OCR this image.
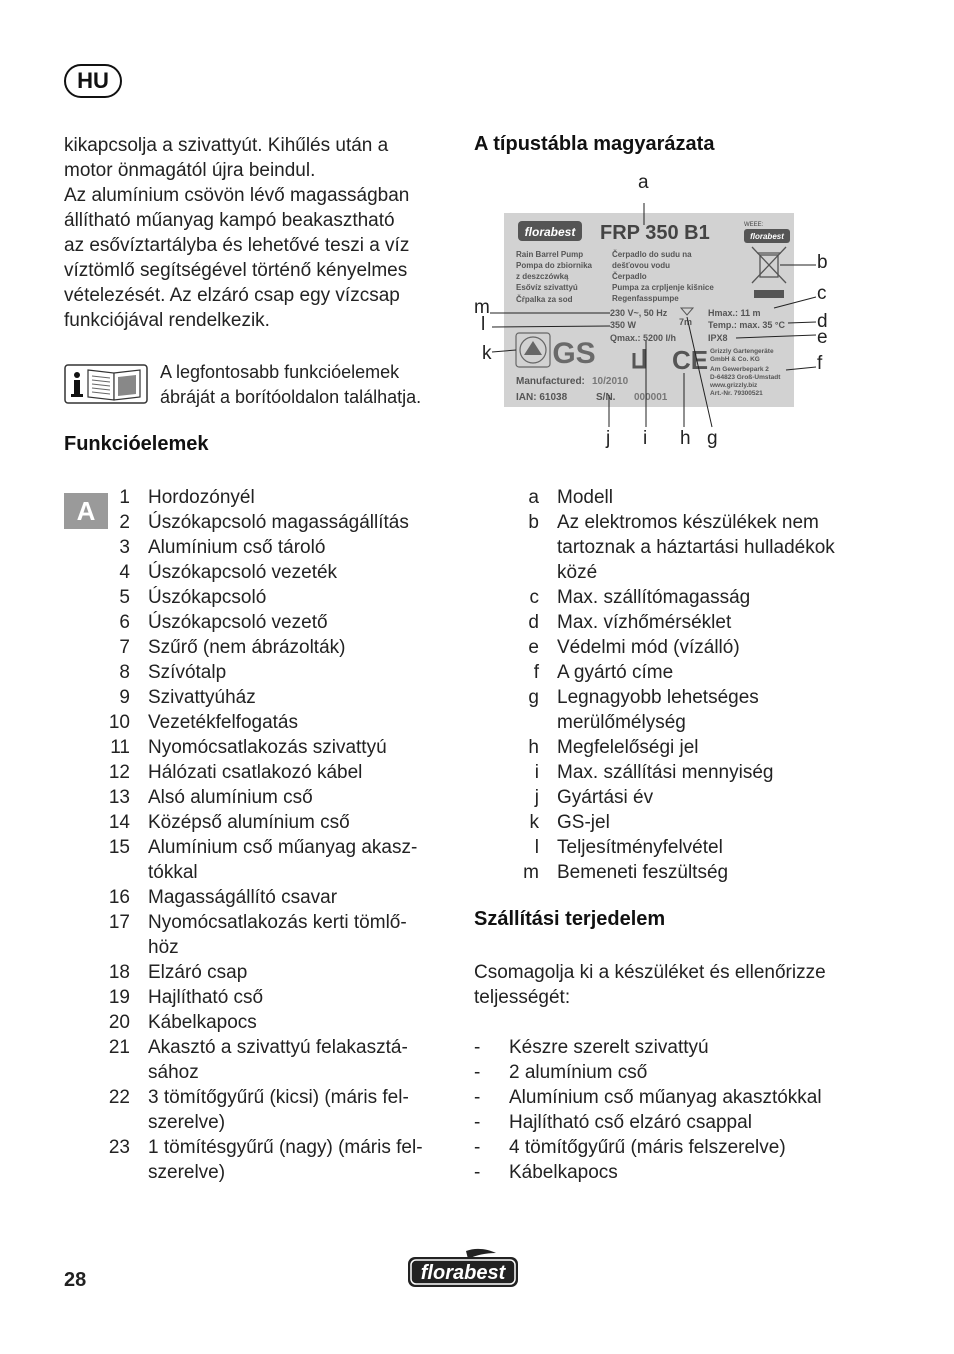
HU
kikapcsolja a szivattyút. Kihűlés után a
motor önmagától újra beindul.
Az alumínium csövön lévő magasságban
állítható műanyag kampó beakasztható
az esővíztartályba és lehetővé teszi a víz
víztömlő segítségével történő kényelmes
vételezését. Az elzáró csap egy vízcsap
funkciójával rendelkezik.
A legfontosabb funkcióelemek
ábráját a borítóoldalon találhatja.
Funkcióelemek
A	1 Hordozónyél
2 Úszókapcsoló magasságállítás
3 Alumínium cső tároló
4 Úszókapcsoló vezeték
5 Úszókapcsoló
6 Úszókapcsoló vezető
7 Szűrő (nem ábrázolták)
8 Szívótalp
9 Szivattyúház
10 Vezetékfelfogatás
11 Nyomócsatlakozás szivattyú
12 Hálózati csatlakozó kábel
13 Alsó alumínium cső
14 Középső alumínium cső
15 Alumínium cső műanyag akasz-
tókkal
16 Magasságállító csavar
17 Nyomócsatlakozás kerti tömlő-
höz
18 Elzáró csap
19 Hajlítható cső
20 Kábelkapocs
21 Akasztó a szivattyú felakasztá-
sához
22 3 tömítőgyűrű (kicsi) (máris fel-
szerelve)
23 1 tömítésgyűrű (nagy) (máris fel-
szerelve)
A típustábla magyarázata
a
b
c
d
e
f
m
l
k
j i h g
florabest FRP 350 B1	WEEE:
florabest
Rain Barrel Pump
Pompa do zbiornika
z deszczówką
Esővíz szivattyú
Čŕpalka za sod
Čerpadlo do sudu na
dešťovou vodu
Čerpadlo
Pumpa za crpljenje kišnice
Regenfasspumpe
230 V~, 50 Hz
350 W
Qmax.: 5200 l/h
7m
Hmax.: 11 m
Temp.: max. 35 °C
IPX8
GS	CE Grizzly Gartengeräte
GmbH & Co. KG
Am Gewerbepark 2
D-64823 Groß-Umstadt
www.grizzly.biz
Art.-Nr. 79300521
Manufactured: 10/2010
IAN: 61038	S/N. 000001
a Modell
b Az elektromos készülékek nem
tartoznak a háztartási hulladékok
közé
c Max. szállítómagasság
d Max. vízhőmérséklet
e Védelmi mód (vízálló)
f A gyártó címe
g Legnagyobb lehetséges
merülőmélység
h Megfelelőségi jel
i Max. szállítási mennyiség
j Gyártási év
k GS-jel
l Teljesítményfelvétel
m Bemeneti feszültség
Szállítási terjedelem
Csomagolja ki a készüléket és ellenőrizze
teljességét:
-	Készre szerelt szivattyú
-	2 alumínium cső
-	Alumínium cső műanyag akasztókkal
-	Hajlítható cső elzáró csappal
-	4 tömítőgyűrű (máris felszerelve)
-	Kábelkapocs
28	florabest
